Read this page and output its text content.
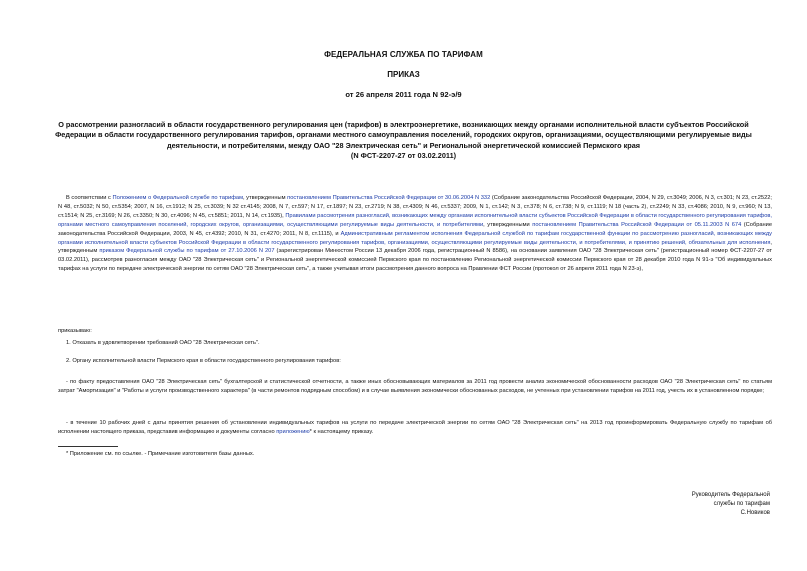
ФЕДЕРАЛЬНАЯ СЛУЖБА ПО ТАРИФАМ
ПРИКАЗ
от 26 апреля 2011 года N 92-э/9
О рассмотрении разногласий в области государственного регулирования цен (тарифов) в электроэнергетике, возникающих между органами исполнительной власти субъектов Российской Федерации в области государственного регулирования тарифов, органами местного самоуправления поселений, городских округов, организациями, осуществляющими регулируемые виды деятельности, и потребителями, между ОАО "28 Электрическая сеть" и Региональной энергетической комиссией Пермского края
(N ФСТ-2207-27 от 03.02.2011)

В соответствии с Положением о Федеральной службе по тарифам, утвержденным постановлением Правительства Российской Федерации от 30.06.2004 N 332 (Собрание законодательства Российской Федерации, 2004, N 29, ст.3049; 2006, N 3, ст.301; N 23, ст.2522; N 48, ст.5032; N 50, ст.5354; 2007, N 16, ст.1912; N 25, ст.3039; N 32 ст.4145; 2008, N 7, ст.597; N 17, ст.1897; N 23, ст.2719; N 38, ст.4309; N 46, ст.5337; 2009, N 1, ст.142; N 3, ст.378; N 6, ст.738; N 9, ст.1119; N 18 (часть 2), ст.2249; N 33, ст.4086; 2010, N 9, ст.960; N 13, ст.1514; N 25, ст.3169; N 26, ст.3350; N 30, ст.4096; N 45, ст.5851; 2011, N 14, ст.1935), Правилами рассмотрения разногласий, возникающих между органами исполнительной власти субъектов Российской Федерации в области государственного регулирования тарифов, органами местного самоуправления поселений, городских округов, организациями, осуществляющими регулируемые виды деятельности, и потребителями, утвержденными постановлением Правительства Российской Федерации от 05.11.2003 N 674 (Собрание законодательства Российской Федерации, 2003, N 45, ст.4392; 2010, N 31, ст.4270; 2011, N 8, ст.1115), и Административным регламентом исполнения Федеральной службой по тарифам государственной функции по рассмотрению разногласий, возникающих между органами исполнительной власти субъектов Российской Федерации в области государственного регулирования тарифов, организациями, осуществляющими регулируемые виды деятельности, и потребителями, и принятию решений, обязательных для исполнения, утвержденным приказом Федеральной службы по тарифам от 27.10.2006 N 207 (зарегистрирован Минюстом России 13 декабря 2006 года, регистрационный N 8586), на основании заявления ОАО "28 Электрическая сеть" (регистрационный номер ФСТ-2207-27 от 03.02.2011), рассмотрев разногласия между ОАО "28 Электрическая сеть" и Региональной энергетической комиссией Пермского края по постановлению Региональной энергетической комиссии Пермского края от 28 декабря 2010 года N 91-э "Об индивидуальных тарифах на услуги по передаче электрической энергии по сетям ОАО "28 Электрическая сеть", а также учитывая итоги рассмотрения данного вопроса на Правлении ФСТ России (протокол от 26 апреля 2011 года N 23-э),

приказываю:

1. Отказать в удовлетворении требований ОАО "28 Электрическая сеть".

2. Органу исполнительной власти Пермского края в области государственного регулирования тарифов:

- по факту предоставления ОАО "28 Электрическая сеть" бухгалтерской и статистической отчетности, а также иных обосновывающих материалов за 2011 год провести анализ экономической обоснованности расходов ОАО "28 Электрическая сеть" по статьям затрат "Амортизация" и "Работы и услуги производственного характера" (в части ремонтов подрядным способом) и в случае выявления экономически обоснованных расходов, не учтенных при установлении тарифов на 2011 год, учесть их в установленном порядке;

- в течение 10 рабочих дней с даты принятия решения об установлении индивидуальных тарифов на услуги по передаче электрической энергии по сетям ОАО "28 Электрическая сеть" на 2013 год проинформировать Федеральную службу по тарифам об исполнении настоящего приказа, представив информацию и документы согласно приложению* к настоящему приказу.

* Приложение см. по ссылке. - Примечание изготовителя базы данных.

Руководитель Федеральной
службы по тарифам
С.Новиков
